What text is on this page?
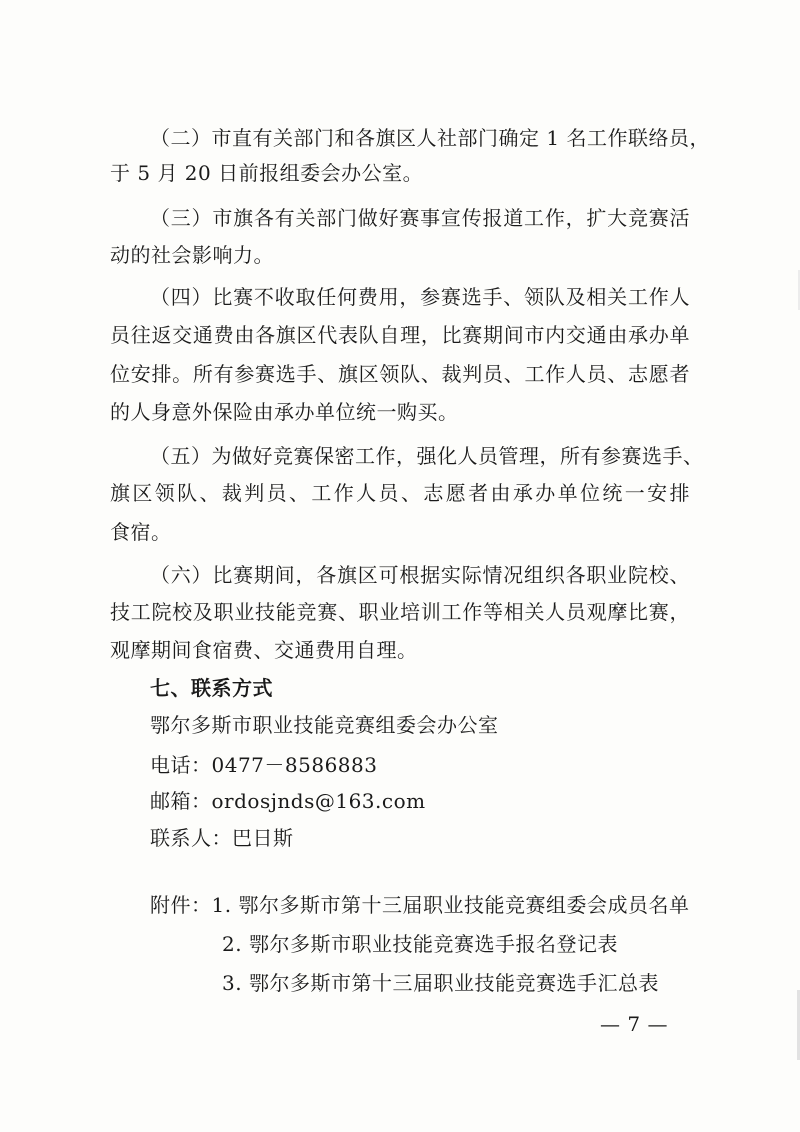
（二）市直有关部门和各旗区人社部门确定 1 名工作联络员，
于 5 月 20 日前报组委会办公室。
（三）市旗各有关部门做好赛事宣传报道工作，扩大竞赛活
动的社会影响力。
（四）比赛不收取任何费用，参赛选手、领队及相关工作人
员往返交通费由各旗区代表队自理，比赛期间市内交通由承办单
位安排。所有参赛选手、旗区领队、裁判员、工作人员、志愿者
的人身意外保险由承办单位统一购买。
（五）为做好竞赛保密工作，强化人员管理，所有参赛选手、
旗区领队、裁判员、工作人员、志愿者由承办单位统一安排
食宿。
（六）比赛期间，各旗区可根据实际情况组织各职业院校、
技工院校及职业技能竞赛、职业培训工作等相关人员观摩比赛，
观摩期间食宿费、交通费用自理。
七、联系方式
鄂尔多斯市职业技能竞赛组委会办公室
电话：0477－8586883
邮箱：ordosjnds@163.com
联系人：巴日斯
附件：1. 鄂尔多斯市第十三届职业技能竞赛组委会成员名单
2. 鄂尔多斯市职业技能竞赛选手报名登记表
3. 鄂尔多斯市第十三届职业技能竞赛选手汇总表
— 7 —
